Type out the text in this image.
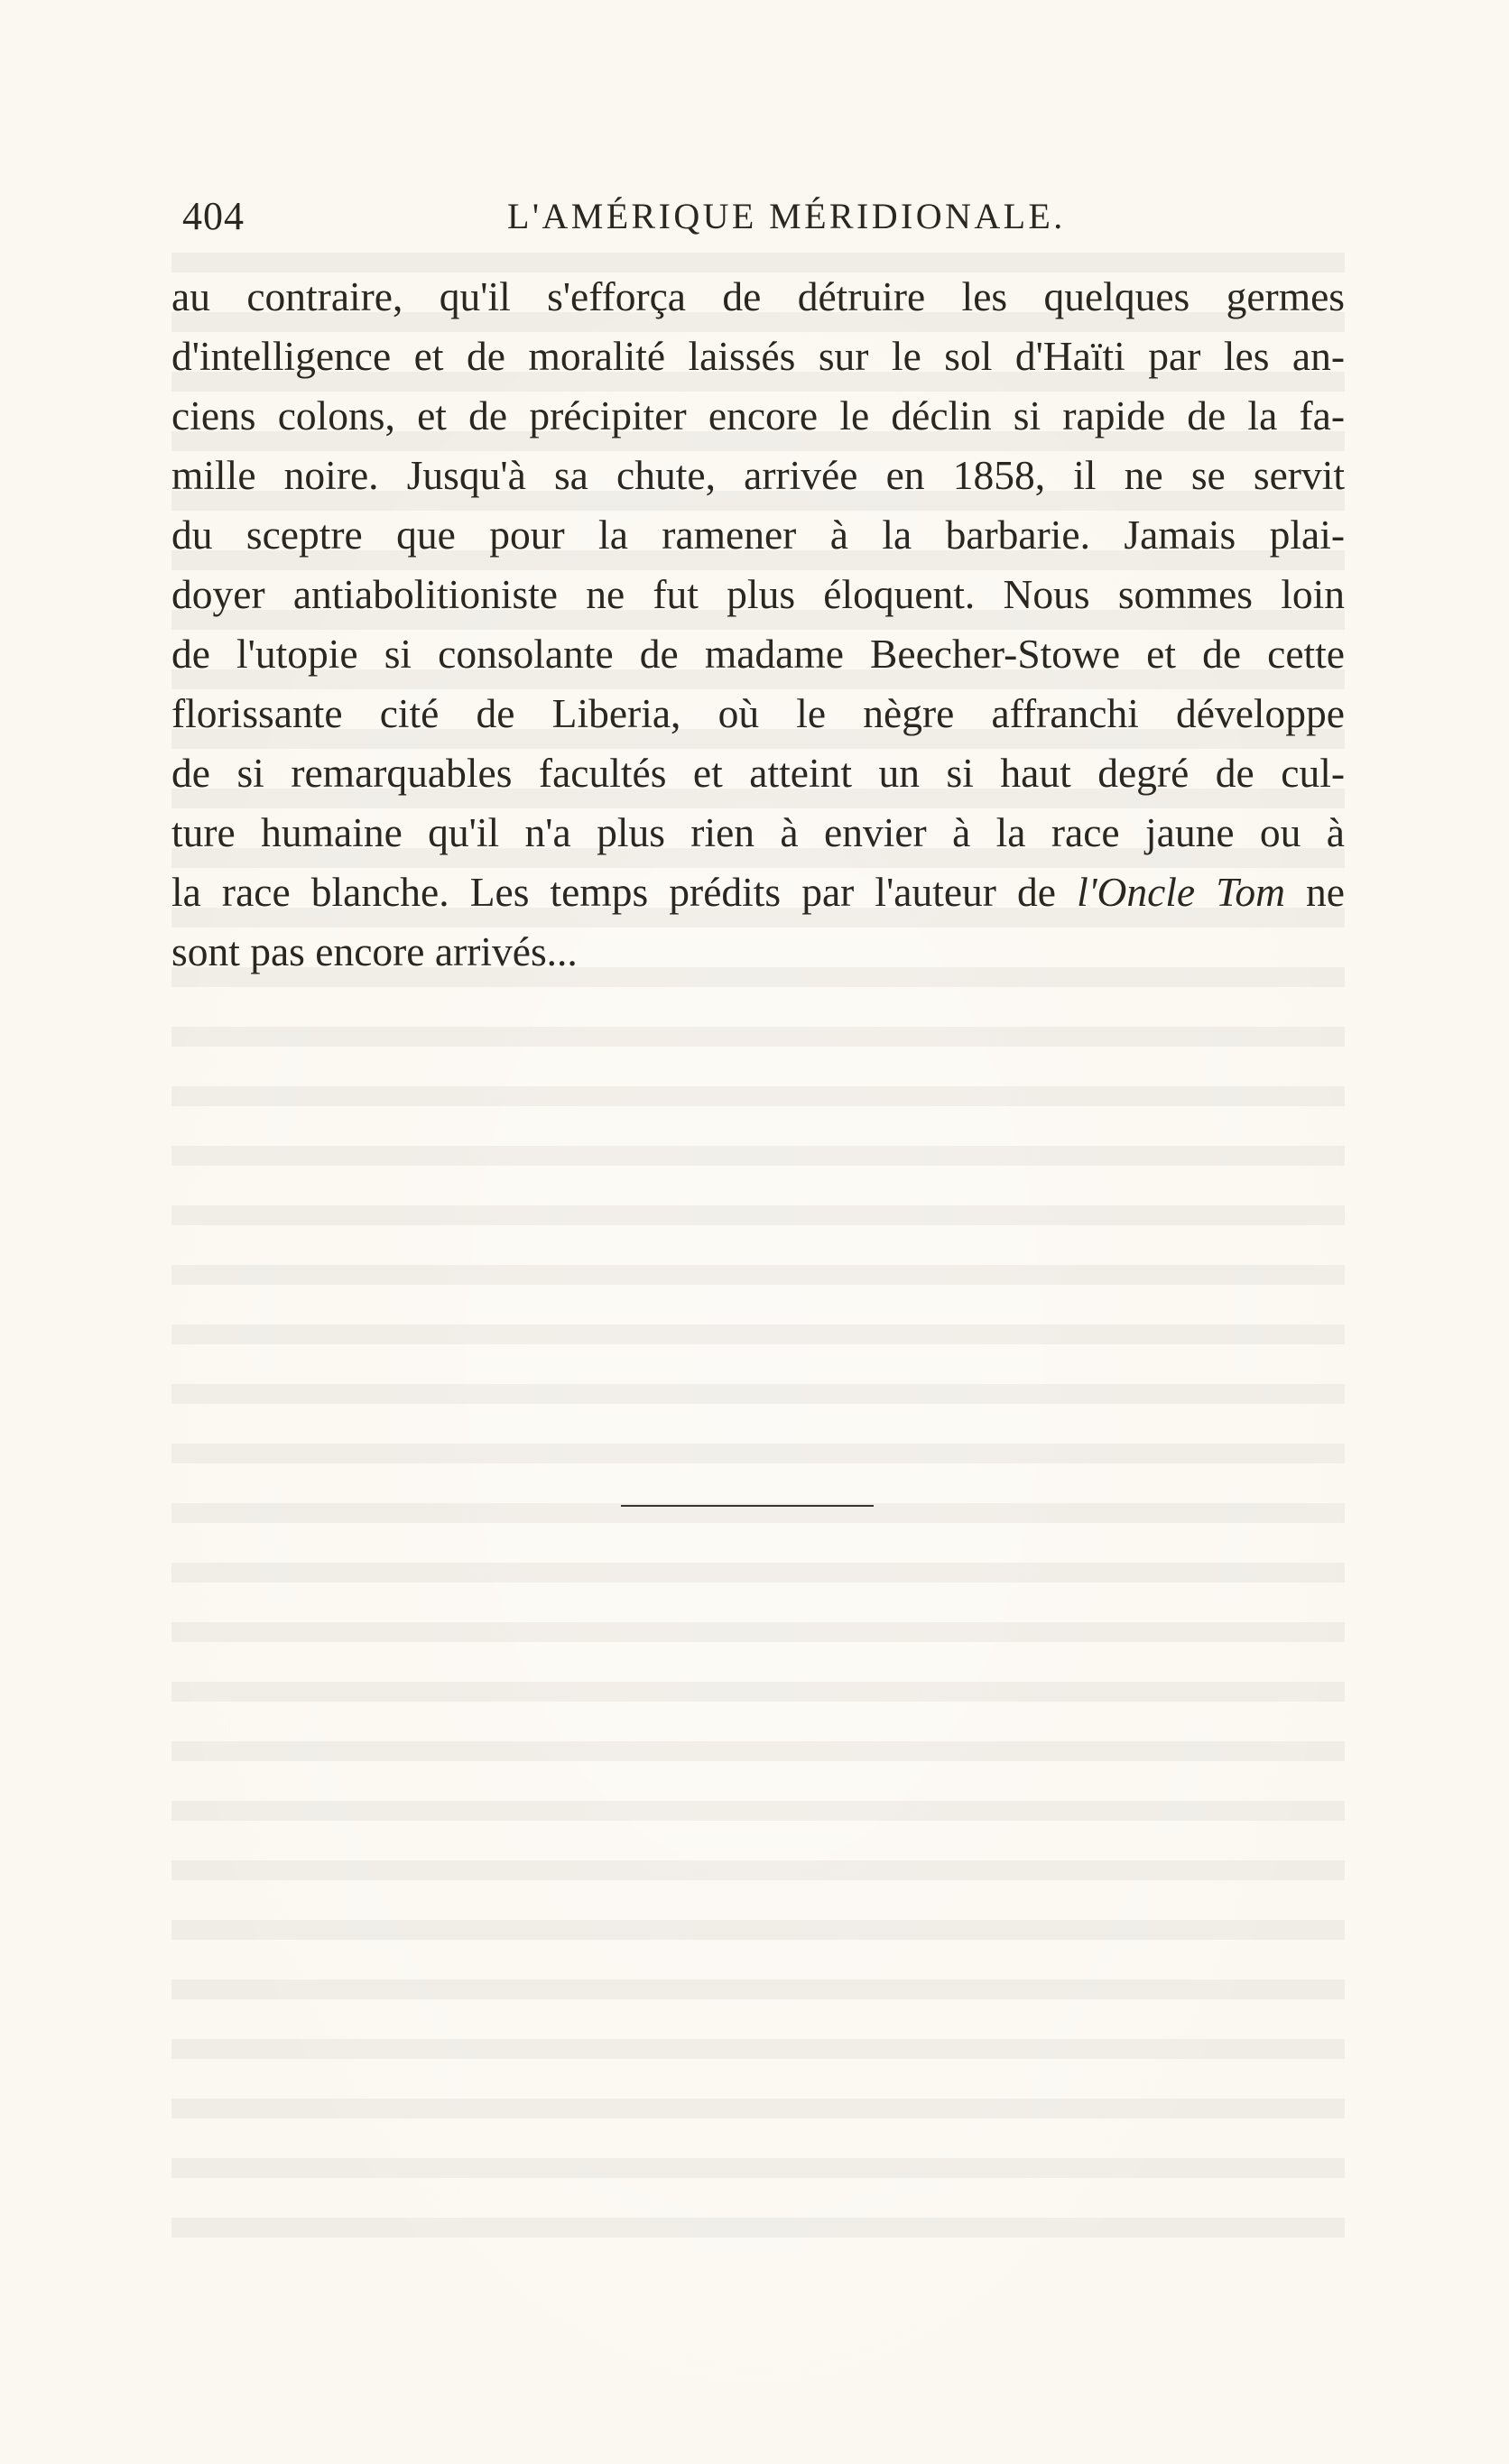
404	L'AMÉRIQUE MÉRIDIONALE.
au contraire, qu'il s'efforça de détruire les quelques germes
d'intelligence et de moralité laissés sur le sol d'Haïti par les an-
ciens colons, et de précipiter encore le déclin si rapide de la fa-
mille noire. Jusqu'à sa chute, arrivée en 1858, il ne se servit
du sceptre que pour la ramener à la barbarie. Jamais plai-
doyer antiabolitioniste ne fut plus éloquent. Nous sommes loin
de l'utopie si consolante de madame Beecher-Stowe et de cette
florissante cité de Liberia, où le nègre affranchi développe
de si remarquables facultés et atteint un si haut degré de cul-
ture humaine qu'il n'a plus rien à envier à la race jaune ou à
la race blanche. Les temps prédits par l'auteur de l'Oncle Tom ne
sont pas encore arrivés...
